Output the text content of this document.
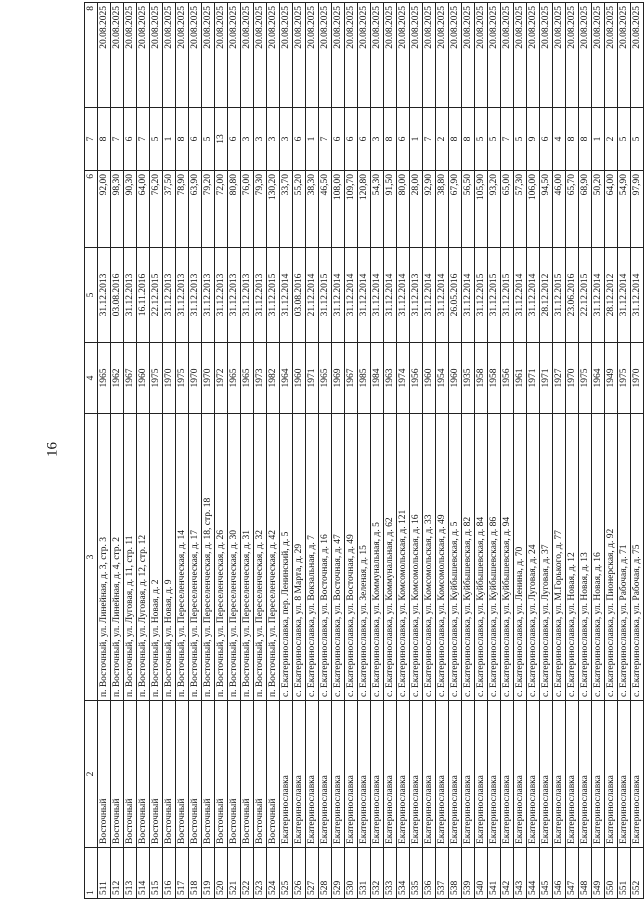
16
1	2	3	4	5	6	7	8
511	Восточный	п. Восточный, ул. Линейная, д. 3, стр. 3	1965	31.12.2013	92,00	8	20.08.2025
512	Восточный	п. Восточный, ул. Линейная, д. 4, стр. 2	1962	03.08.2016	98,30	7	20.08.2025
513	Восточный	п. Восточный, ул. Луговая, д. 11, стр. 11	1967	31.12.2013	90,30	6	20.08.2025
514	Восточный	п. Восточный, ул. Луговая, д. 12, стр. 12	1960	16.11.2016	64,00	7	20.08.2025
515	Восточный	п. Восточный, ул. Новая, д. 2	1975	22.12.2015	76,20	5	20.08.2025
516	Восточный	п. Восточный, ул. Новая, д. 9	1970	31.12.2013	37,50	1	20.08.2025
517	Восточный	п. Восточный, ул. Переселенческая, д. 14	1975	31.12.2013	78,90	8	20.08.2025
518	Восточный	п. Восточный, ул. Переселенческая, д. 17	1970	31.12.2013	63,90	6	20.08.2025
519	Восточный	п. Восточный, ул. Переселенческая, д. 18, стр. 18	1970	31.12.2013	79,20	5	20.08.2025
520	Восточный	п. Восточный, ул. Переселенческая, д. 26	1972	31.12.2013	72,00	13	20.08.2025
521	Восточный	п. Восточный, ул. Переселенческая, д. 30	1965	31.12.2013	80,80	6	20.08.2025
522	Восточный	п. Восточный, ул. Переселенческая, д. 31	1965	31.12.2013	76,00	3	20.08.2025
523	Восточный	п. Восточный, ул. Переселенческая, д. 32	1973	31.12.2013	79,30	3	20.08.2025
524	Восточный	п. Восточный, ул. Переселенческая, д. 42	1982	31.12.2015	130,20	3	20.08.2025
525	Екатеринославка	с. Екатеринославка, пер. Ленинский, д. 5	1964	31.12.2014	33,70	3	20.08.2025
526	Екатеринославка	с. Екатеринославка, ул. 8 Марта, д. 29	1960	03.08.2016	55,20	6	20.08.2025
527	Екатеринославка	с. Екатеринославка, ул. Вокзальная, д. 7	1971	21.12.2014	38,30	1	20.08.2025
528	Екатеринославка	с. Екатеринославка, ул. Восточная, д. 16	1965	31.12.2015	46,50	7	20.08.2025
529	Екатеринославка	с. Екатеринославка, ул. Восточная, д. 47	1969	31.12.2014	108,00	6	20.08.2025
530	Екатеринославка	с. Екатеринославка, ул. Восточная, д. 49	1967	31.12.2014	109,70	6	20.08.2025
531	Екатеринославка	с. Екатеринославка, ул. Зеленая, д. 15	1985	31.12.2014	120,80	6	20.08.2025
532	Екатеринославка	с. Екатеринославка, ул. Коммунальная, д. 5	1984	31.12.2014	54,30	3	20.08.2025
533	Екатеринославка	с. Екатеринославка, ул. Коммунальная, д. 62	1963	31.12.2014	91,50	8	20.08.2025
534	Екатеринославка	с. Екатеринославка, ул. Комсомольская, д. 121	1974	31.12.2014	80,00	6	20.08.2025
535	Екатеринославка	с. Екатеринославка, ул. Комсомольская, д. 16	1956	31.12.2013	28,00	1	20.08.2025
536	Екатеринославка	с. Екатеринославка, ул. Комсомольская, д. 33	1960	31.12.2014	92,90	7	20.08.2025
537	Екатеринославка	с. Екатеринославка, ул. Комсомольская, д. 49	1954	31.12.2014	38,80	2	20.08.2025
538	Екатеринославка	с. Екатеринославка, ул. Куйбышевская, д. 5	1960	26.05.2016	67,90	8	20.08.2025
539	Екатеринославка	с. Екатеринославка, ул. Куйбышевская, д. 82	1935	31.12.2014	56,50	8	20.08.2025
540	Екатеринославка	с. Екатеринославка, ул. Куйбышевская, д. 84	1958	31.12.2015	105,90	5	20.08.2025
541	Екатеринославка	с. Екатеринославка, ул. Куйбышевская, д. 86	1958	31.12.2015	93,20	5	20.08.2025
542	Екатеринославка	с. Екатеринославка, ул. Куйбышевская, д. 94	1956	31.12.2015	65,00	7	20.08.2025
543	Екатеринославка	с. Екатеринославка, ул. Ленина, д. 70	1961	31.12.2014	57,30	5	20.08.2025
544	Екатеринославка	с. Екатеринославка, ул. Луговая, д. 24	1971	31.12.2014	106,00	9	20.08.2025
545	Екатеринославка	с. Екатеринославка, ул. Луговая, д. 37	1971	28.12.2012	94,50	6	20.08.2025
546	Екатеринославка	с. Екатеринославка, ул. М.Горького, д. 77	1927	31.12.2015	46,00	4	20.08.2025
547	Екатеринославка	с. Екатеринославка, ул. Новая, д. 12	1970	23.06.2016	65,70	8	20.08.2025
548	Екатеринославка	с. Екатеринославка, ул. Новая, д. 13	1975	22.12.2015	68,90	8	20.08.2025
549	Екатеринославка	с. Екатеринославка, ул. Новая, д. 16	1964	31.12.2014	50,20	1	20.08.2025
550	Екатеринославка	с. Екатеринославка, ул. Пионерская, д. 92	1949	28.12.2012	64,00	2	20.08.2025
551	Екатеринославка	с. Екатеринославка, ул. Рабочая, д. 71	1975	31.12.2014	54,90	5	20.08.2025
552	Екатеринославка	с. Екатеринославка, ул. Рабочая, д. 75	1970	31.12.2014	97,90	5	20.08.2025
